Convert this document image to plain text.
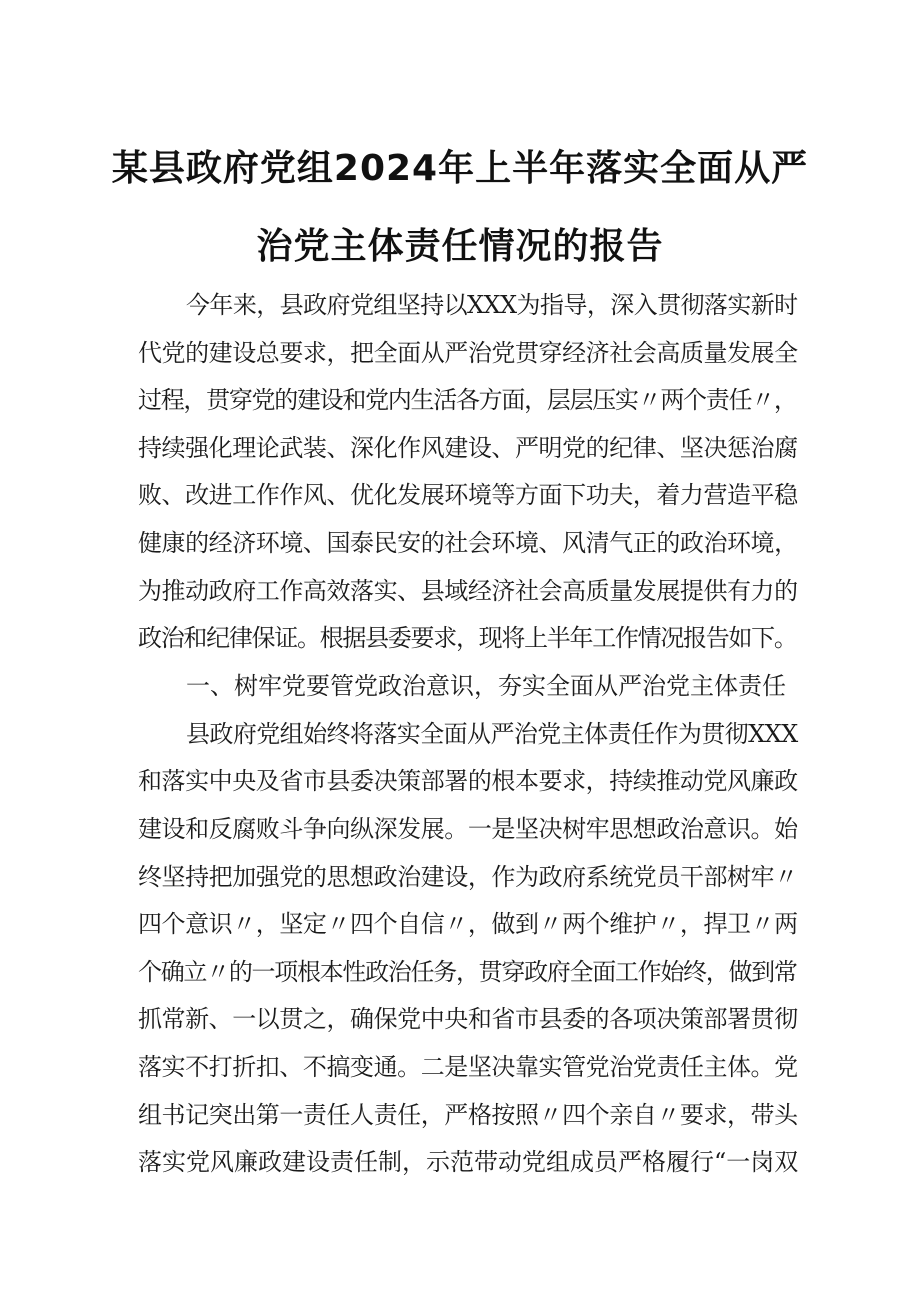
某县政府党组2024年上半年落实全面从严
治党主体责任情况的报告
今年来，县政府党组坚持以XXX为指导，深入贯彻落实新时
代党的建设总要求，把全面从严治党贯穿经济社会高质量发展全
过程，贯穿党的建设和党内生活各方面，层层压实〃两个责任〃，
持续强化理论武装、深化作风建设、严明党的纪律、坚决惩治腐
败、改进工作作风、优化发展环境等方面下功夫，着力营造平稳
健康的经济环境、国泰民安的社会环境、风清气正的政治环境，
为推动政府工作高效落实、县域经济社会高质量发展提供有力的
政治和纪律保证。根据县委要求，现将上半年工作情况报告如下。
一、树牢党要管党政治意识，夯实全面从严治党主体责任
县政府党组始终将落实全面从严治党主体责任作为贯彻XXX
和落实中央及省市县委决策部署的根本要求，持续推动党风廉政
建设和反腐败斗争向纵深发展。一是坚决树牢思想政治意识。始
终坚持把加强党的思想政治建设，作为政府系统党员干部树牢〃
四个意识〃，坚定〃四个自信〃，做到〃两个维护〃，捍卫〃两
个确立〃的一项根本性政治任务，贯穿政府全面工作始终，做到常
抓常新、一以贯之，确保党中央和省市县委的各项决策部署贯彻
落实不打折扣、不搞变通。二是坚决靠实管党治党责任主体。党
组书记突出第一责任人责任，严格按照〃四个亲自〃要求，带头
落实党风廉政建设责任制，示范带动党组成员严格履行“一岗双
